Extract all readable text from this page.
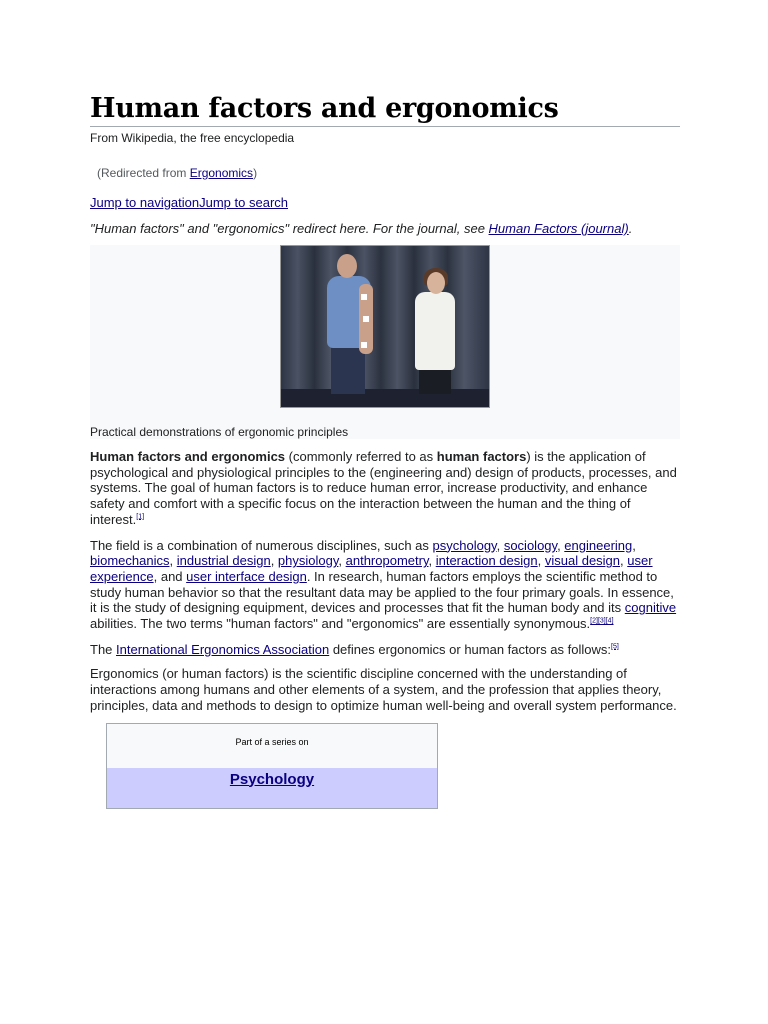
Human factors and ergonomics
From Wikipedia, the free encyclopedia
(Redirected from Ergonomics)
Jump to navigationJump to search
"Human factors" and "ergonomics" redirect here. For the journal, see Human Factors (journal).
Practical demonstrations of ergonomic principles
Human factors and ergonomics (commonly referred to as human factors) is the application of psychological and physiological principles to the (engineering and) design of products, processes, and systems. The goal of human factors is to reduce human error, increase productivity, and enhance safety and comfort with a specific focus on the interaction between the human and the thing of interest.[1]
The field is a combination of numerous disciplines, such as psychology, sociology, engineering, biomechanics, industrial design, physiology, anthropometry, interaction design, visual design, user experience, and user interface design. In research, human factors employs the scientific method to study human behavior so that the resultant data may be applied to the four primary goals. In essence, it is the study of designing equipment, devices and processes that fit the human body and its cognitive abilities. The two terms "human factors" and "ergonomics" are essentially synonymous.[2][3][4]
The International Ergonomics Association defines ergonomics or human factors as follows:[5]
Ergonomics (or human factors) is the scientific discipline concerned with the understanding of interactions among humans and other elements of a system, and the profession that applies theory, principles, data and methods to design to optimize human well-being and overall system performance.
Part of a series on
Psychology
